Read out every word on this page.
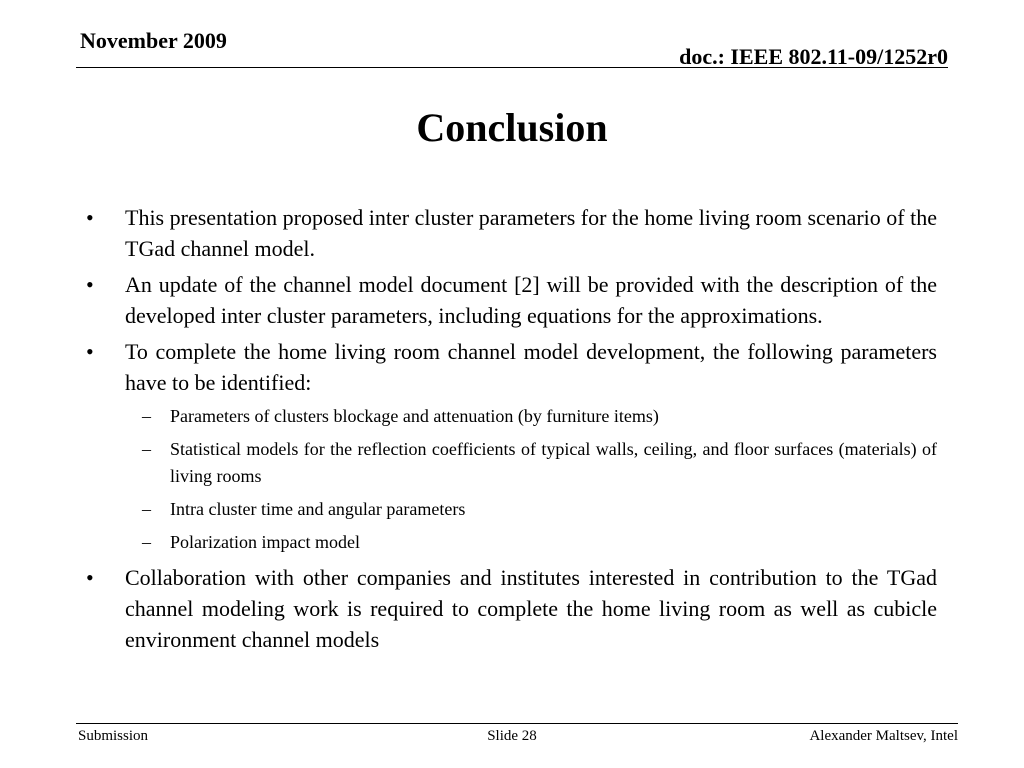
November 2009
doc.: IEEE 802.11-09/1252r0
Conclusion
•	This presentation proposed inter cluster parameters for the home living room scenario of the TGad channel model.
•	An update of the channel model document [2] will be provided with the description of the developed inter cluster parameters, including equations for the approximations.
•	To complete the home living room channel model development, the following parameters have to be identified:
– Parameters of clusters blockage and attenuation (by furniture items)
– Statistical models for the reflection coefficients of typical walls, ceiling, and floor surfaces (materials) of living rooms
– Intra cluster time and angular parameters
– Polarization impact model
•	Collaboration with other companies and institutes interested in contribution to the TGad channel modeling work is required to complete the home living room as well as cubicle environment channel models
Submission	Slide 28	Alexander Maltsev, Intel
